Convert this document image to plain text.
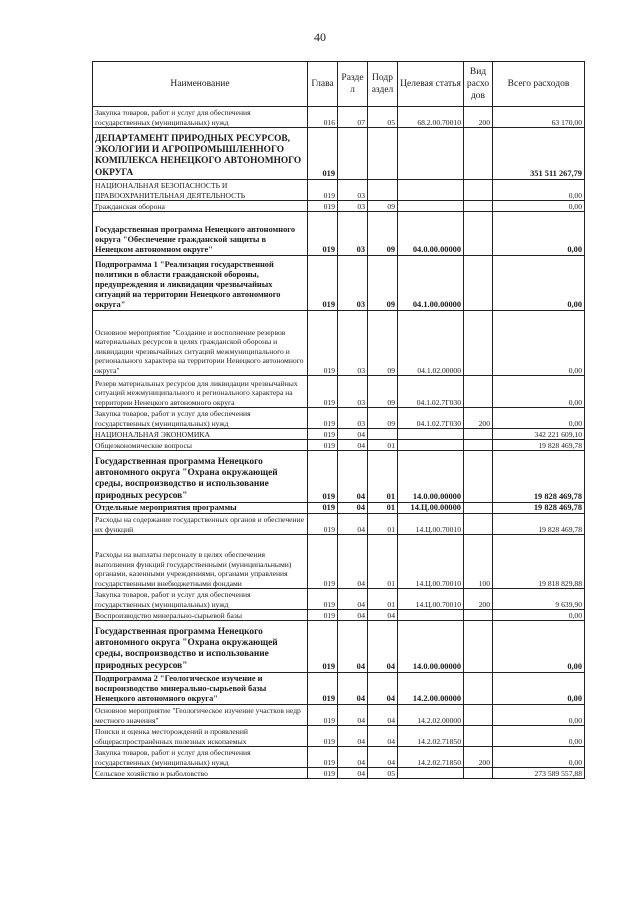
40
Наименование	Глава	Разде л	Подр аздел	Целевая статья	Вид расхо дов	Всего расходов
Закупка товаров, работ и услуг для обеспечения государственных (муниципальных) нужд	016	07	05	68.2.00.70010	200	63 170,00
ДЕПАРТАМЕНТ ПРИРОДНЫХ РЕСУРСОВ, ЭКОЛОГИИ И АГРОПРОМЫШЛЕННОГО КОМПЛЕКСА НЕНЕЦКОГО АВТОНОМНОГО ОКРУГА	019					351 511 267,79
НАЦИОНАЛЬНАЯ БЕЗОПАСНОСТЬ И ПРАВООХРАНИТЕЛЬНАЯ ДЕЯТЕЛЬНОСТЬ	019	03				0,00
Гражданская оборона	019	03	09			0,00
Государственная программа Ненецкого автономного округа "Обеспечение гражданской защиты в Ненецком автономном округе"	019	03	09	04.0.00.00000		0,00
Подпрограмма 1 "Реализация государственной политики в области гражданской обороны, предупреждения и ликвидации чрезвычайных ситуаций на территории Ненецкого автономного округа"	019	03	09	04.1.00.00000		0,00
Основное мероприятие "Создание и восполнение резервов материальных ресурсов в целях гражданской обороны и ликвидации чрезвычайных ситуаций межмуниципального и регионального характера на территории Ненецкого автономного округа"	019	03	09	04.1.02.00000		0,00
Резерв материальных ресурсов для ликвидации чрезвычайных ситуаций межмуниципального и регионального характера на территории Ненецкого автономного округа	019	03	09	04.1.02.7Г030		0,00
Закупка товаров, работ и услуг для обеспечения государственных (муниципальных) нужд	019	03	09	04.1.02.7Г030	200	0,00
НАЦИОНАЛЬНАЯ ЭКОНОМИКА	019	04				342 221 609,10
Общеэкономические вопросы	019	04	01			19 828 469,78
Государственная программа Ненецкого автономного округа "Охрана окружающей среды, воспроизводство и использование природных ресурсов"	019	04	01	14.0.00.00000		19 828 469,78
Отдельные мероприятия программы	019	04	01	14.Ц.00.00000		19 828 469,78
Расходы на содержание государственных органов и обеспечение их функций	019	04	01	14.Ц.00.70010		19 828 469,78
Расходы на выплаты персоналу в целях обеспечения выполнения функций государственными (муниципальными) органами, казенными учреждениями, органами управления государственными внебюджетными фондами	019	04	01	14.Ц.00.70010	100	19 818 829,88
Закупка товаров, работ и услуг для обеспечения государственных (муниципальных) нужд	019	04	01	14.Ц.00.70010	200	9 639,90
Воспроизводство минерально-сырьевой базы	019	04	04			0,00
Государственная программа Ненецкого автономного округа "Охрана окружающей среды, воспроизводство и использование природных ресурсов"	019	04	04	14.0.00.00000		0,00
Подпрограмма 2 "Геологическое изучение и воспроизводство минерально-сырьевой базы Ненецкого автономного округа"	019	04	04	14.2.00.00000		0,00
Основное мероприятие "Геологическое изучение участков недр местного значения"	019	04	04	14.2.02.00000		0,00
Поиски и оценка месторождений и проявлений общераспространённых полезных ископаемых	019	04	04	14.2.02.71850		0,00
Закупка товаров, работ и услуг для обеспечения государственных (муниципальных) нужд	019	04	04	14.2.02.71850	200	0,00
Сельское хозяйство и рыболовство	019	04	05			273 589 557,88
